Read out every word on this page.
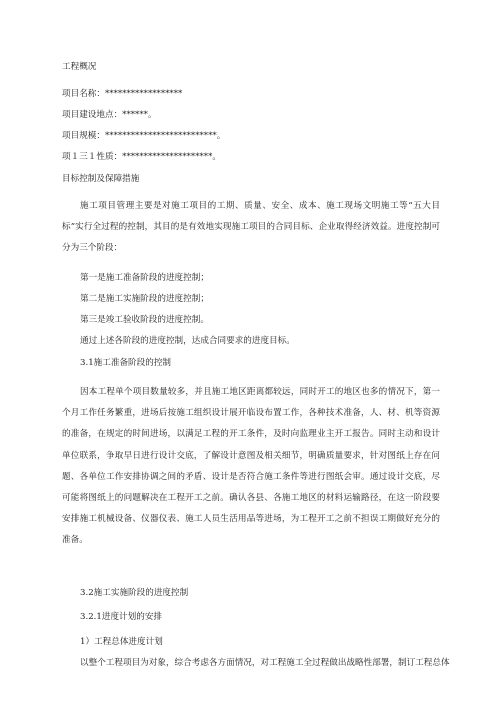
工程概况
项目名称：******************
项目建设地点：******。
项目规模：**************************。
项１三１性质：*********************。
目标控制及保障措施
施工项目管理主要是对施工项目的工期、质量、安全、成本、施工现场文明施工等“五大目标”实行全过程的控制，其目的是有效地实现施工项目的合同目标、企业取得经济效益。进度控制可分为三个阶段：
第一是施工准备阶段的进度控制；
第二是施工实施阶段的进度控制；
第三是竣工验收阶段的进度控制。
通过上述各阶段的进度控制，达成合同要求的进度目标。
3.1施工准备阶段的控制
因本工程单个项目数量较多，并且施工地区距离都较远，同时开工的地区也多的情况下，第一个月工作任务繁重，进场后按施工组织设计展开临设布置工作，各种技术准备，人、材、机等资源的准备，在规定的时间进场，以满足工程的开工条件，及时向监理业主开工报告。同时主动和设计单位联系，争取早日进行设计交底，了解设计意图及相关细节，明确质量要求，针对图纸上存在问题、各单位工作安排协调之间的矛盾、设计是否符合施工条件等进行图纸会审。通过设计交底，尽可能将图纸上的问题解决在工程开工之前。确认各县、各施工地区的材料运输路径，在这一阶段要安排施工机械设备、仪器仪表、施工人员生活用品等进场，为工程开工之前不担误工期做好充分的准备。
3.2施工实施阶段的进度控制
3.2.1进度计划的安排
1）工程总体进度计划
以整个工程项目为对象，综合考虑各方面情况，对工程施工全过程做出战略性部署，制订工程总体
